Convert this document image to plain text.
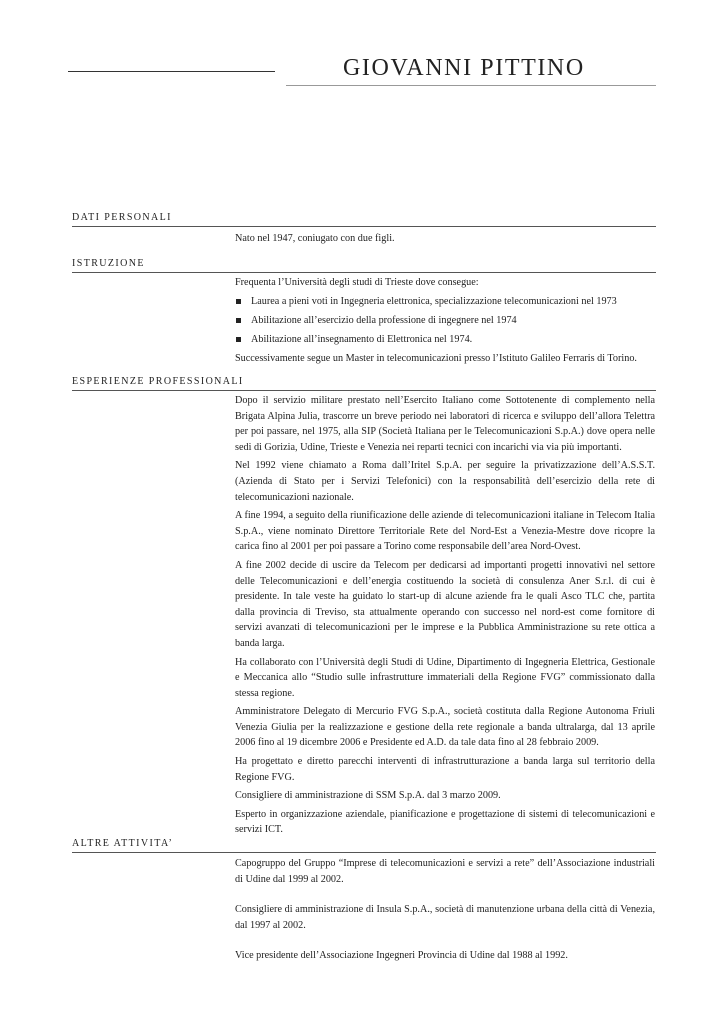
GIOVANNI PITTINO
DATI PERSONALI

Nato nel 1947, coniugato con due figli.

ISTRUZIONE

Frequenta l’Università degli studi di Trieste dove consegue:

Laurea a pieni voti in Ingegneria elettronica, specializzazione telecomunicazioni nel 1973
Abilitazione all’esercizio della professione di ingegnere nel 1974
Abilitazione all’insegnamento di Elettronica nel 1974.

Successivamente segue un Master in telecomunicazioni presso l’Istituto Galileo Ferraris di Torino.

ESPERIENZE PROFESSIONALI

Dopo il servizio militare prestato nell’Esercito Italiano come Sottotenente di complemento nella Brigata Alpina Julia, trascorre un breve periodo nei laboratori di ricerca e sviluppo dell’allora Telettra per poi passare, nel 1975, alla SIP (Società Italiana per le Telecomunicazioni S.p.A.) dove opera nelle sedi di Gorizia, Udine, Trieste e Venezia nei reparti tecnici con incarichi via via più importanti.

Nel 1992 viene chiamato a Roma dall’Iritel S.p.A. per seguire la privatizzazione dell’A.S.S.T. (Azienda di Stato per i Servizi Telefonici) con la responsabilità dell’esercizio della rete di telecomunicazioni nazionale.

A fine 1994, a seguito della riunificazione delle aziende di telecomunicazioni italiane in Telecom Italia S.p.A., viene nominato Direttore Territoriale Rete del Nord-Est a Venezia-Mestre dove ricopre la carica fino al 2001 per poi passare a Torino come responsabile dell’area Nord-Ovest.

A fine 2002 decide di uscire da Telecom per dedicarsi ad importanti progetti innovativi nel settore delle Telecomunicazioni e dell’energia costituendo la società di consulenza Aner S.r.l. di cui è presidente. In tale veste ha guidato lo start-up di alcune aziende fra le quali Asco TLC che, partita dalla provincia di Treviso, sta attualmente operando con successo nel nord-est come fornitore di servizi avanzati di telecomunicazioni per le imprese e la Pubblica Amministrazione su rete ottica a banda larga.

Ha collaborato con l’Università degli Studi di Udine, Dipartimento di Ingegneria Elettrica, Gestionale e Meccanica allo “Studio sulle infrastrutture immateriali della Regione FVG” commissionato dalla stessa regione.

Amministratore Delegato di Mercurio FVG S.p.A., società costituta dalla Regione Autonoma Friuli Venezia Giulia per la realizzazione e gestione della rete regionale a banda ultralarga, dal 13 aprile 2006 fino al 19 dicembre 2006 e Presidente ed A.D. da tale data fino al 28 febbraio 2009.

Ha progettato e diretto parecchi interventi di infrastrutturazione a banda larga sul territorio della Regione FVG.

Consigliere di amministrazione di SSM S.p.A. dal 3 marzo 2009.

Esperto in organizzazione aziendale, pianificazione e progettazione di sistemi di telecomunicazioni e servizi ICT.

ALTRE ATTIVITA’

Capogruppo del Gruppo “Imprese di telecomunicazioni e servizi a rete” dell’Associazione industriali di Udine dal 1999 al 2002.

Consigliere di amministrazione di Insula S.p.A., società di manutenzione urbana della città di Venezia, dal 1997 al 2002.

Vice presidente dell’Associazione Ingegneri Provincia di Udine dal 1988 al 1992.
